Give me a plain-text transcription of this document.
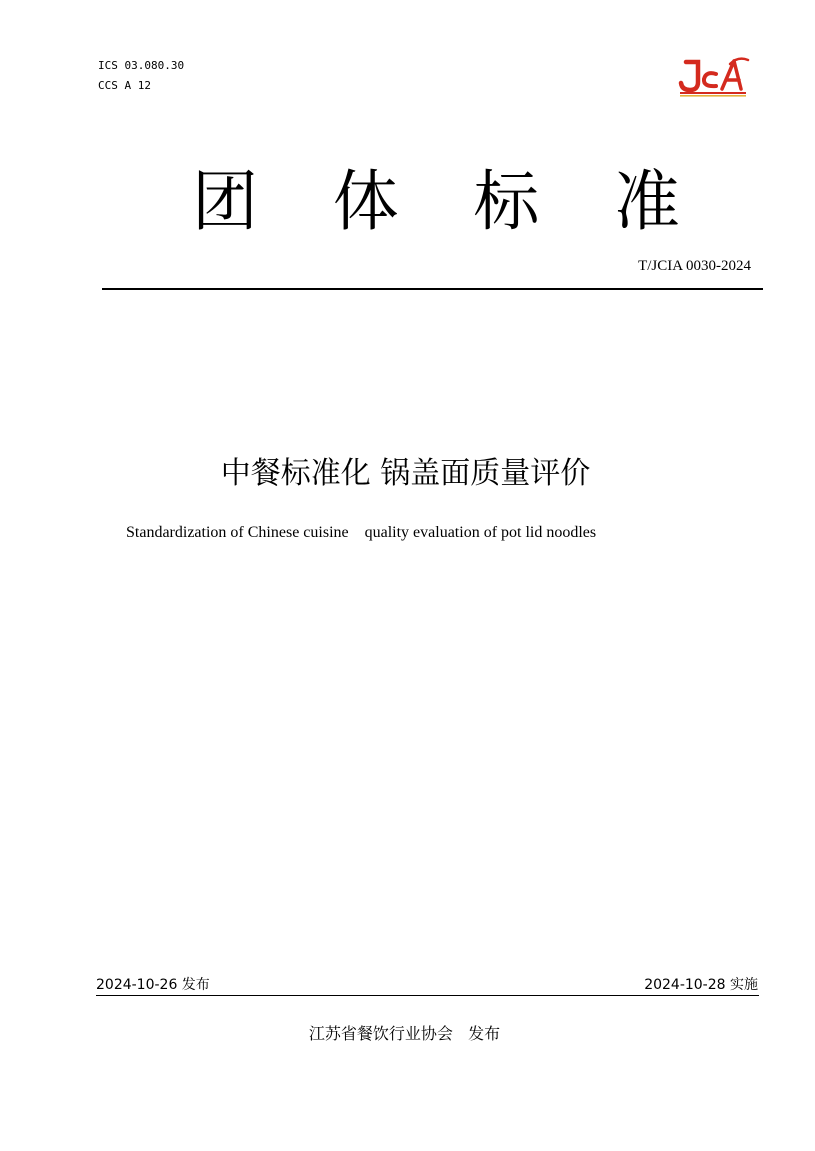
ICS 03.080.30
CCS A 12
团 体 标 准
T/JCIA 0030-2024
中餐标准化 锅盖面质量评价
Standardization of Chinese cuisine    quality evaluation of pot lid noodles
2024-10-26 发布	2024-10-28 实施
江苏省餐饮行业协会   发布
